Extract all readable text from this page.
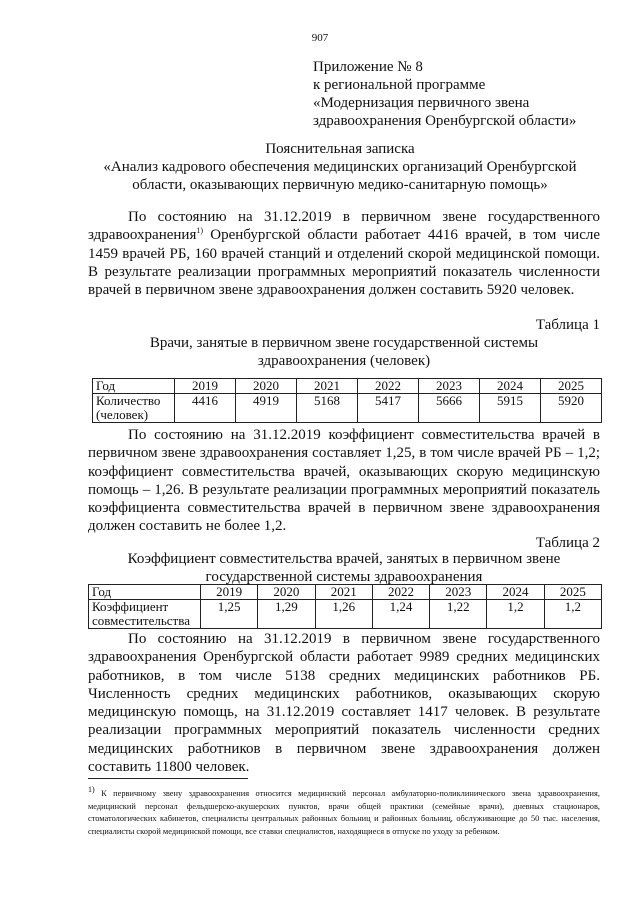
907
Приложение № 8
к региональной программе
«Модернизация первичного звена
здравоохранения Оренбургской области»
Пояснительная записка
«Анализ кадрового обеспечения медицинских организаций Оренбургской
области, оказывающих первичную медико-санитарную помощь»
По состоянию на 31.12.2019 в первичном звене государственного здравоохранения$^{1)}$ Оренбургской области работает 4416 врачей, в том числе 1459 врачей РБ, 160 врачей станций и отделений скорой медицинской помощи. В результате реализации программных мероприятий показатель численности врачей в первичном звене здравоохранения должен составить 5920 человек.
Таблица 1
Врачи, занятые в первичном звене государственной системы
здравоохранения (человек)
Год	2019	2020	2021	2022	2023	2024	2025

Количество
(человек)	4416	4919	5168	5417	5666	5915	5920
По состоянию на 31.12.2019 коэффициент совместительства врачей в первичном звене здравоохранения составляет 1,25, в том числе врачей РБ – 1,2; коэффициент совместительства врачей, оказывающих скорую медицинскую помощь – 1,26. В результате реализации программных мероприятий показатель коэффициента совместительства врачей в первичном звене здравоохранения должен составить не более 1,2.
Таблица 2
Коэффициент совместительства врачей, занятых в первичном звене
государственной системы здравоохранения
Год	2019	2020	2021	2022	2023	2024	2025

Коэффициент
совместительства	1,25	1,29	1,26	1,24	1,22	1,2	1,2
По состоянию на 31.12.2019 в первичном звене государственного здравоохранения Оренбургской области работает 9989 средних медицинских работников, в том числе 5138 средних медицинских работников РБ. Численность средних медицинских работников, оказывающих скорую медицинскую помощь, на 31.12.2019 составляет 1417 человек. В результате реализации программных мероприятий показатель численности средних медицинских работников в первичном звене здравоохранения должен составить 11800 человек.
1) К первичному звену здравоохранения относится медицинский персонал амбулаторно-поликлинического звена здравоохранения, медицинский персонал фельдшерско-акушерских пунктов, врачи общей практики (семейные врачи), дневных стационаров, стоматологических кабинетов, специалисты центральных районных больниц и районных больниц, обслуживающие до 50 тыс. населения, специалисты скорой медицинской помощи, все ставки специалистов, находящиеся в отпуске по уходу за ребенком.
